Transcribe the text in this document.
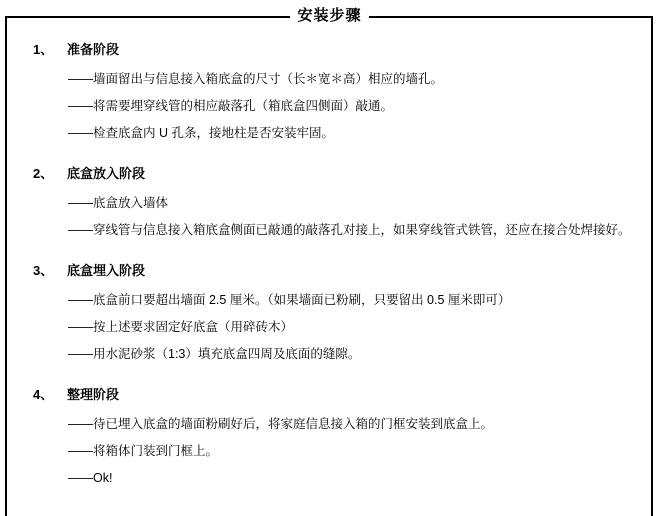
安装步骤
1、 准备阶段
——墙面留出与信息接入箱底盒的尺寸（长＊宽＊高）相应的墙孔。
——将需要埋穿线管的相应敲落孔（箱底盒四侧面）敲通。
——检查底盒内 U 孔条，接地柱是否安装牢固。
2、 底盒放入阶段
——底盒放入墙体
——穿线管与信息接入箱底盒侧面已敲通的敲落孔对接上，如果穿线管式铁管，还应在接合处焊接好。
3、 底盒埋入阶段
——底盒前口要超出墙面 2.5 厘米。（如果墙面已粉刷，只要留出 0.5 厘米即可）
——按上述要求固定好底盒（用碎砖木）
——用水泥砂浆（1:3）填充底盒四周及底面的缝隙。
4、 整理阶段
——待已埋入底盒的墙面粉刷好后，将家庭信息接入箱的门框安装到底盒上。
——将箱体门装到门框上。
——Ok!
